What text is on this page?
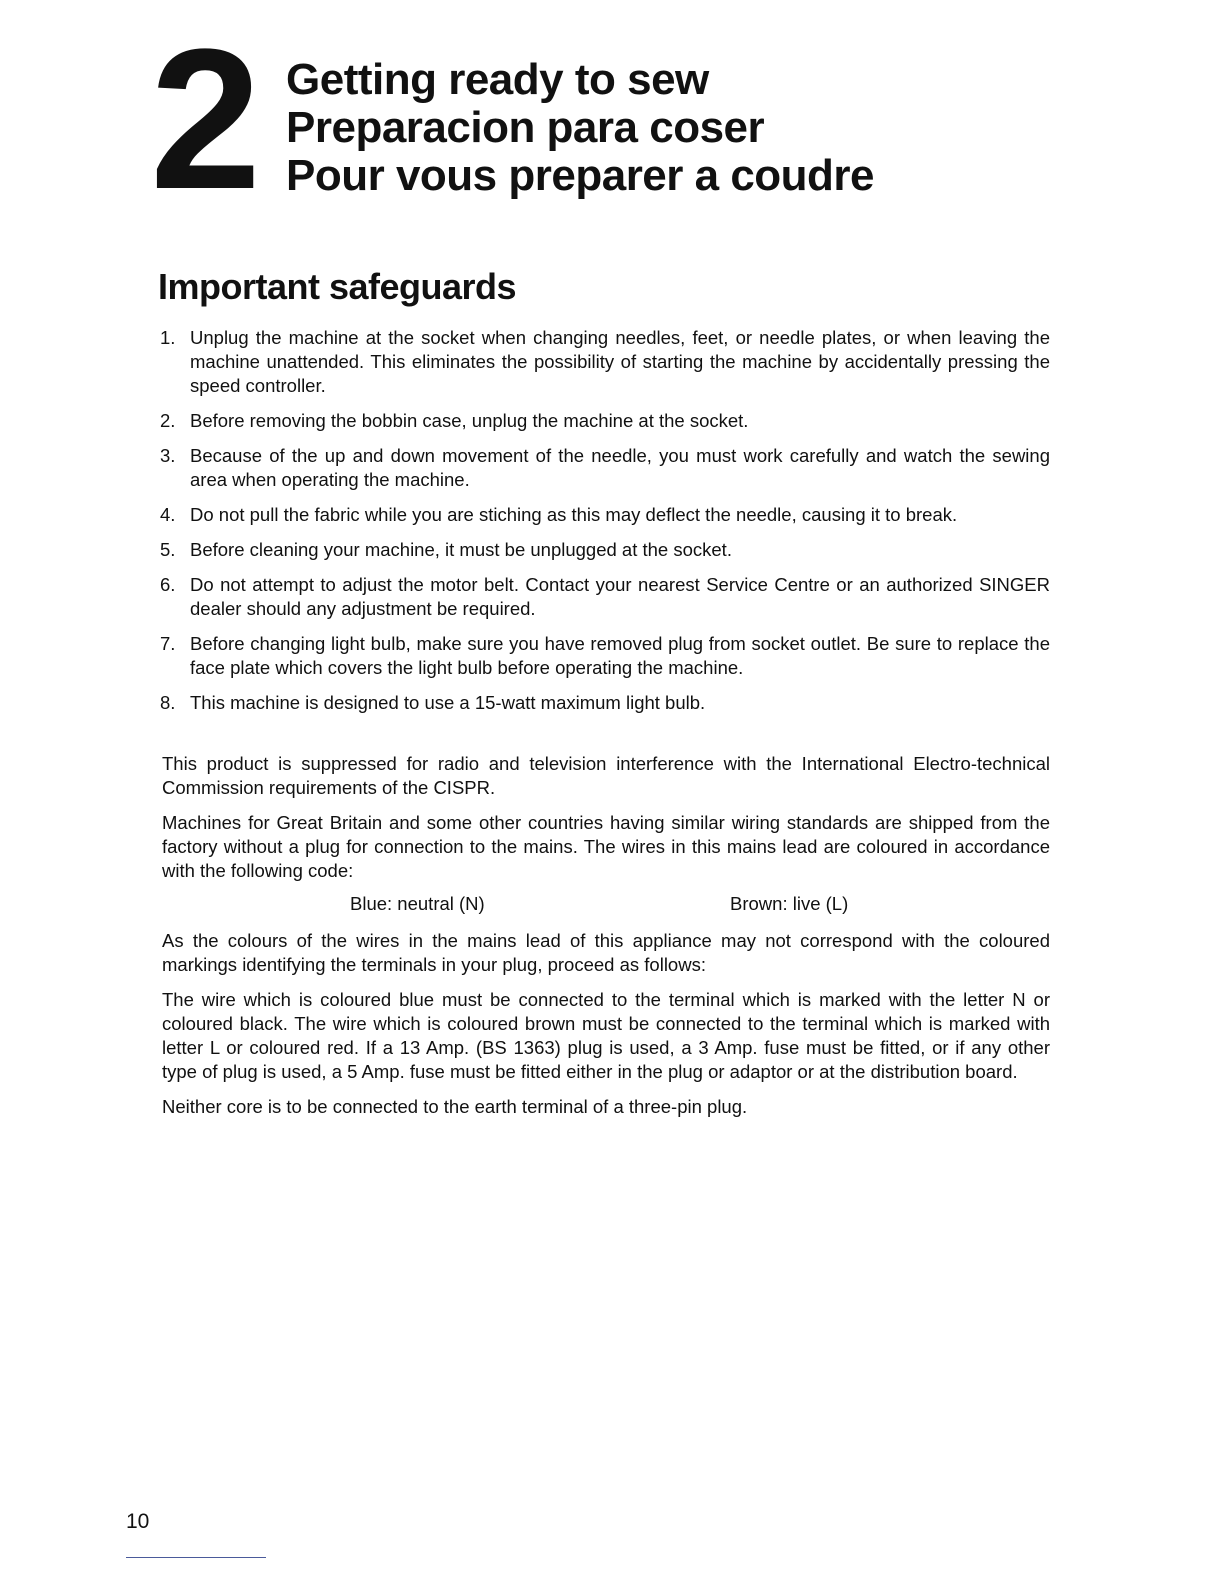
2 Getting ready to sew
Preparacion para coser
Pour vous preparer a coudre
Important safeguards
1. Unplug the machine at the socket when changing needles, feet, or needle plates, or when leaving the machine unattended. This eliminates the possibility of starting the machine by accidentally pressing the speed controller.
2. Before removing the bobbin case, unplug the machine at the socket.
3. Because of the up and down movement of the needle, you must work carefully and watch the sewing area when operating the machine.
4. Do not pull the fabric while you are stiching as this may deflect the needle, causing it to break.
5. Before cleaning your machine, it must be unplugged at the socket.
6. Do not attempt to adjust the motor belt. Contact your nearest Service Centre or an authorized SINGER dealer should any adjustment be required.
7. Before changing light bulb, make sure you have removed plug from socket outlet. Be sure to replace the face plate which covers the light bulb before operating the machine.
8. This machine is designed to use a 15-watt maximum light bulb.

This product is suppressed for radio and television interference with the International Electro-technical Commission requirements of the CISPR.

Machines for Great Britain and some other countries having similar wiring standards are shipped from the factory without a plug for connection to the mains. The wires in this mains lead are coloured in accordance with the following code:

Blue: neutral (N)	Brown: live (L)

As the colours of the wires in the mains lead of this appliance may not correspond with the coloured markings identifying the terminals in your plug, proceed as follows:

The wire which is coloured blue must be connected to the terminal which is marked with the letter N or coloured black. The wire which is coloured brown must be connected to the terminal which is marked with letter L or coloured red. If a 13 Amp. (BS 1363) plug is used, a 3 Amp. fuse must be fitted, or if any other type of plug is used, a 5 Amp. fuse must be fitted either in the plug or adaptor or at the distribution board.

Neither core is to be connected to the earth terminal of a three-pin plug.

10
